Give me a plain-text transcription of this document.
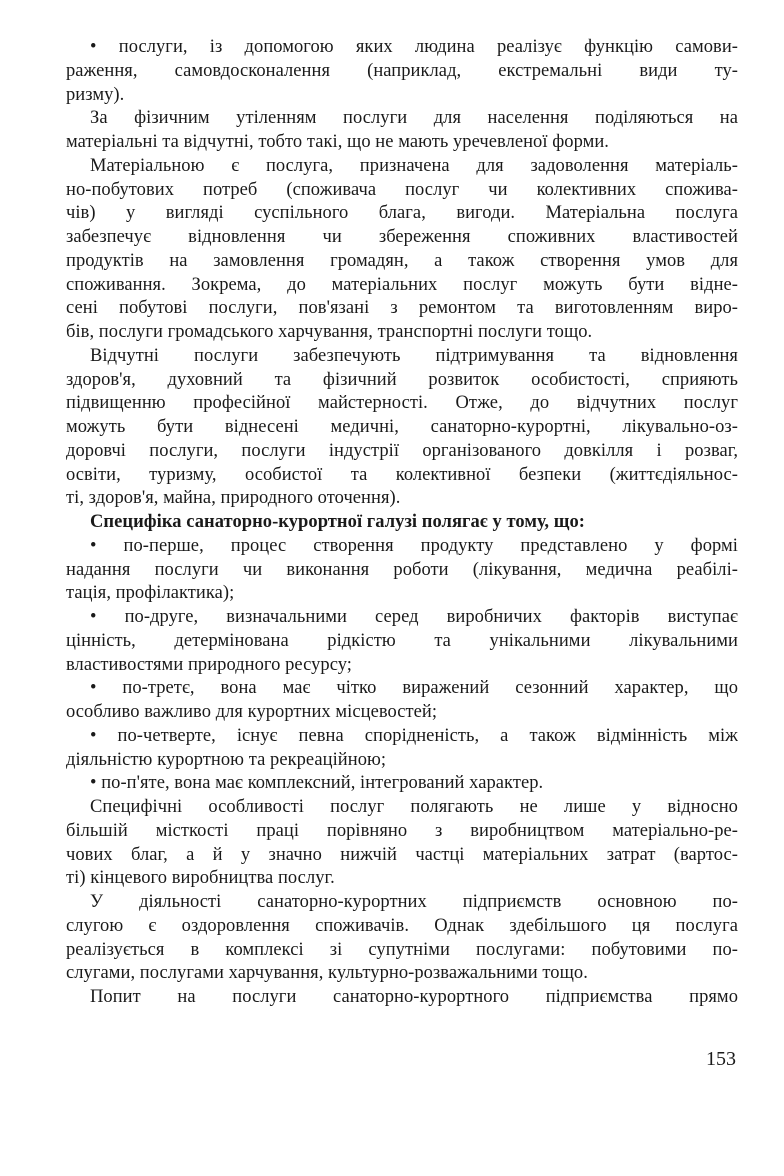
• послуги, із допомогою яких людина реалізує функцію самови-
раження, самовдосконалення (наприклад, екстремальні види ту-
ризму).
За фізичним утіленням послуги для населення поділяються на
матеріальні та відчутні, тобто такі, що не мають уречевленої форми.
Матеріальною є послуга, призначена для задоволення матеріаль-
но-побутових потреб (споживача послуг чи колективних спожива-
чів) у вигляді суспільного блага, вигоди. Матеріальна послуга
забезпечує відновлення чи збереження споживних властивостей
продуктів на замовлення громадян, а також створення умов для
споживання. Зокрема, до матеріальних послуг можуть бути відне-
сені побутові послуги, пов'язані з ремонтом та виготовленням виро-
бів, послуги громадського харчування, транспортні послуги тощо.
Відчутні послуги забезпечують підтримування та відновлення
здоров'я, духовний та фізичний розвиток особистості, сприяють
підвищенню професійної майстерності. Отже, до відчутних послуг
можуть бути віднесені медичні, санаторно-курортні, лікувально-оз-
доровчі послуги, послуги індустрії організованого довкілля і розваг,
освіти, туризму, особистої та колективної безпеки (життєдіяльнос-
ті, здоров'я, майна, природного оточення).
Специфіка санаторно-курортної галузі полягає у тому, що:
• по-перше, процес створення продукту представлено у формі
надання послуги чи виконання роботи (лікування, медична реабілі-
тація, профілактика);
• по-друге, визначальними серед виробничих факторів виступає
цінність, детермінована рідкістю та унікальними лікувальними
властивостями природного ресурсу;
• по-третє, вона має чітко виражений сезонний характер, що
особливо важливо для курортних місцевостей;
• по-четверте, існує певна спорідненість, а також відмінність між
діяльністю курортною та рекреаційною;
• по-п'яте, вона має комплексний, інтегрований характер.
Специфічні особливості послуг полягають не лише у відносно
більшій місткості праці порівняно з виробництвом матеріально-ре-
чових благ, а й у значно нижчій частці матеріальних затрат (вартос-
ті) кінцевого виробництва послуг.
У діяльності санаторно-курортних підприємств основною по-
слугою є оздоровлення споживачів. Однак здебільшого ця послуга
реалізується в комплексі зі супутніми послугами: побутовими по-
слугами, послугами харчування, культурно-розважальними тощо.
Попит на послуги санаторно-курортного підприємства прямо
153
